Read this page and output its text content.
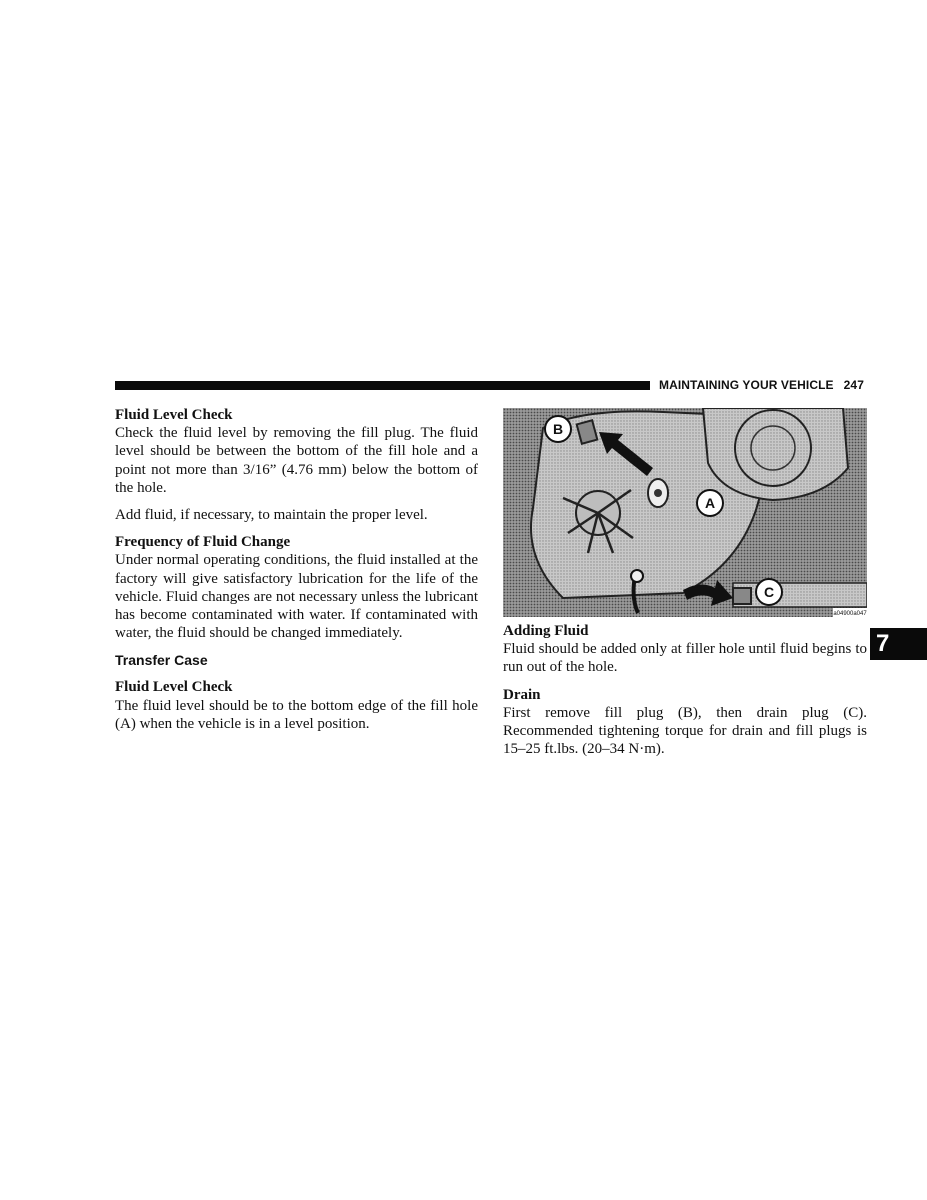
MAINTAINING YOUR VEHICLE 247
7

Fluid Level Check

Check the fluid level by removing the fill plug. The fluid level should be between the bottom of the fill hole and a point not more than 3/16” (4.76 mm) below the bottom of the hole.

Add fluid, if necessary, to maintain the proper level.

Frequency of Fluid Change

Under normal operating conditions, the fluid installed at the factory will give satisfactory lubrication for the life of the vehicle. Fluid changes are not necessary unless the lubricant has become contaminated with water. If contaminated with water, the fluid should be changed immediately.

Transfer Case

Fluid Level Check

The fluid level should be to the bottom edge of the fill hole (A) when the vehicle is in a level position.

B
A
C
a04900a047

Adding Fluid

Fluid should be added only at filler hole until fluid begins to run out of the hole.

Drain

First remove fill plug (B), then drain plug (C). Recommended tightening torque for drain and fill plugs is 15–25 ft.lbs. (20–34 N·m).
